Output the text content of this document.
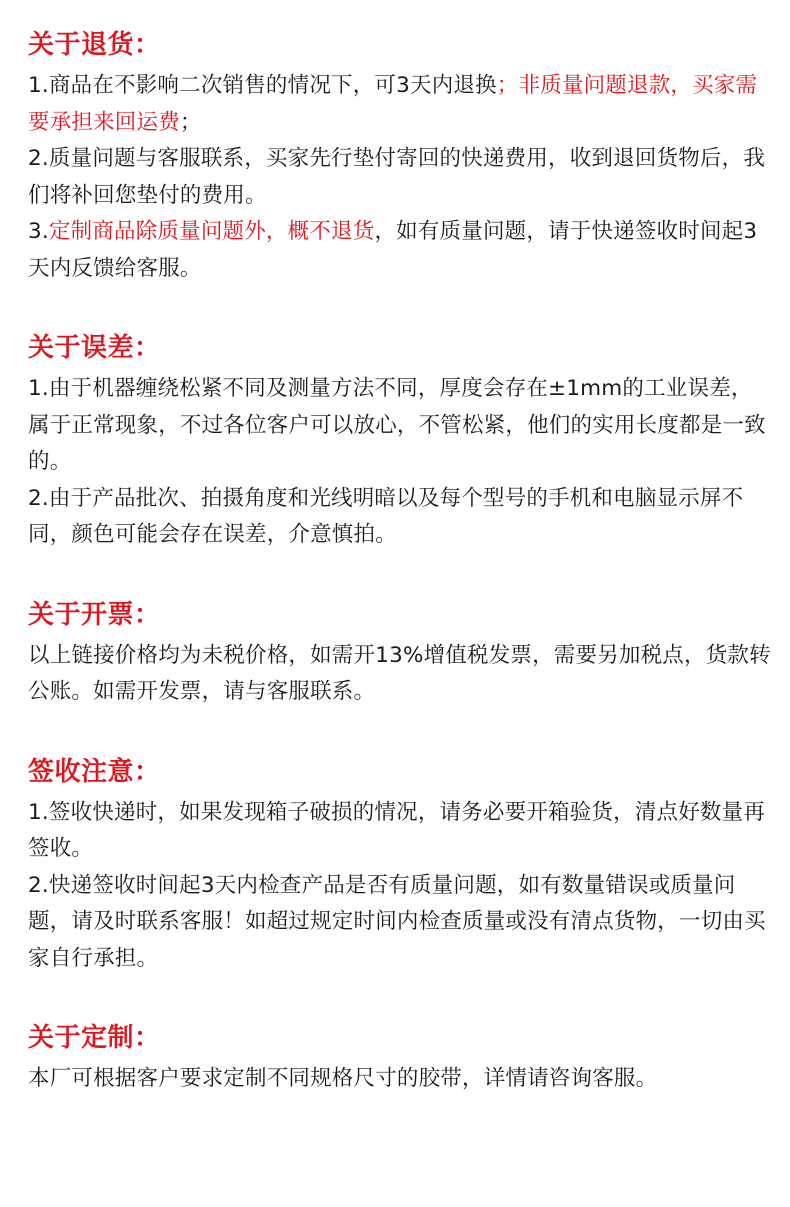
关于退货：

1.商品在不影响二次销售的情况下，可3天内退换；非质量问题退款，买家需要承担来回运费；

2.质量问题与客服联系，买家先行垫付寄回的快递费用，收到退回货物后，我们将补回您垫付的费用。

3.定制商品除质量问题外，概不退货，如有质量问题，请于快递签收时间起3天内反馈给客服。

关于误差：

1.由于机器缠绕松紧不同及测量方法不同，厚度会存在±1mm的工业误差，属于正常现象，不过各位客户可以放心，不管松紧，他们的实用长度都是一致的。

2.由于产品批次、拍摄角度和光线明暗以及每个型号的手机和电脑显示屏不同，颜色可能会存在误差，介意慎拍。

关于开票：

以上链接价格均为未税价格，如需开13%增值税发票，需要另加税点，货款转公账。如需开发票，请与客服联系。

签收注意：

1.签收快递时，如果发现箱子破损的情况，请务必要开箱验货，清点好数量再签收。

2.快递签收时间起3天内检查产品是否有质量问题，如有数量错误或质量问题，请及时联系客服！如超过规定时间内检查质量或没有清点货物，一切由买家自行承担。

关于定制：

本厂可根据客户要求定制不同规格尺寸的胶带，详情请咨询客服。
